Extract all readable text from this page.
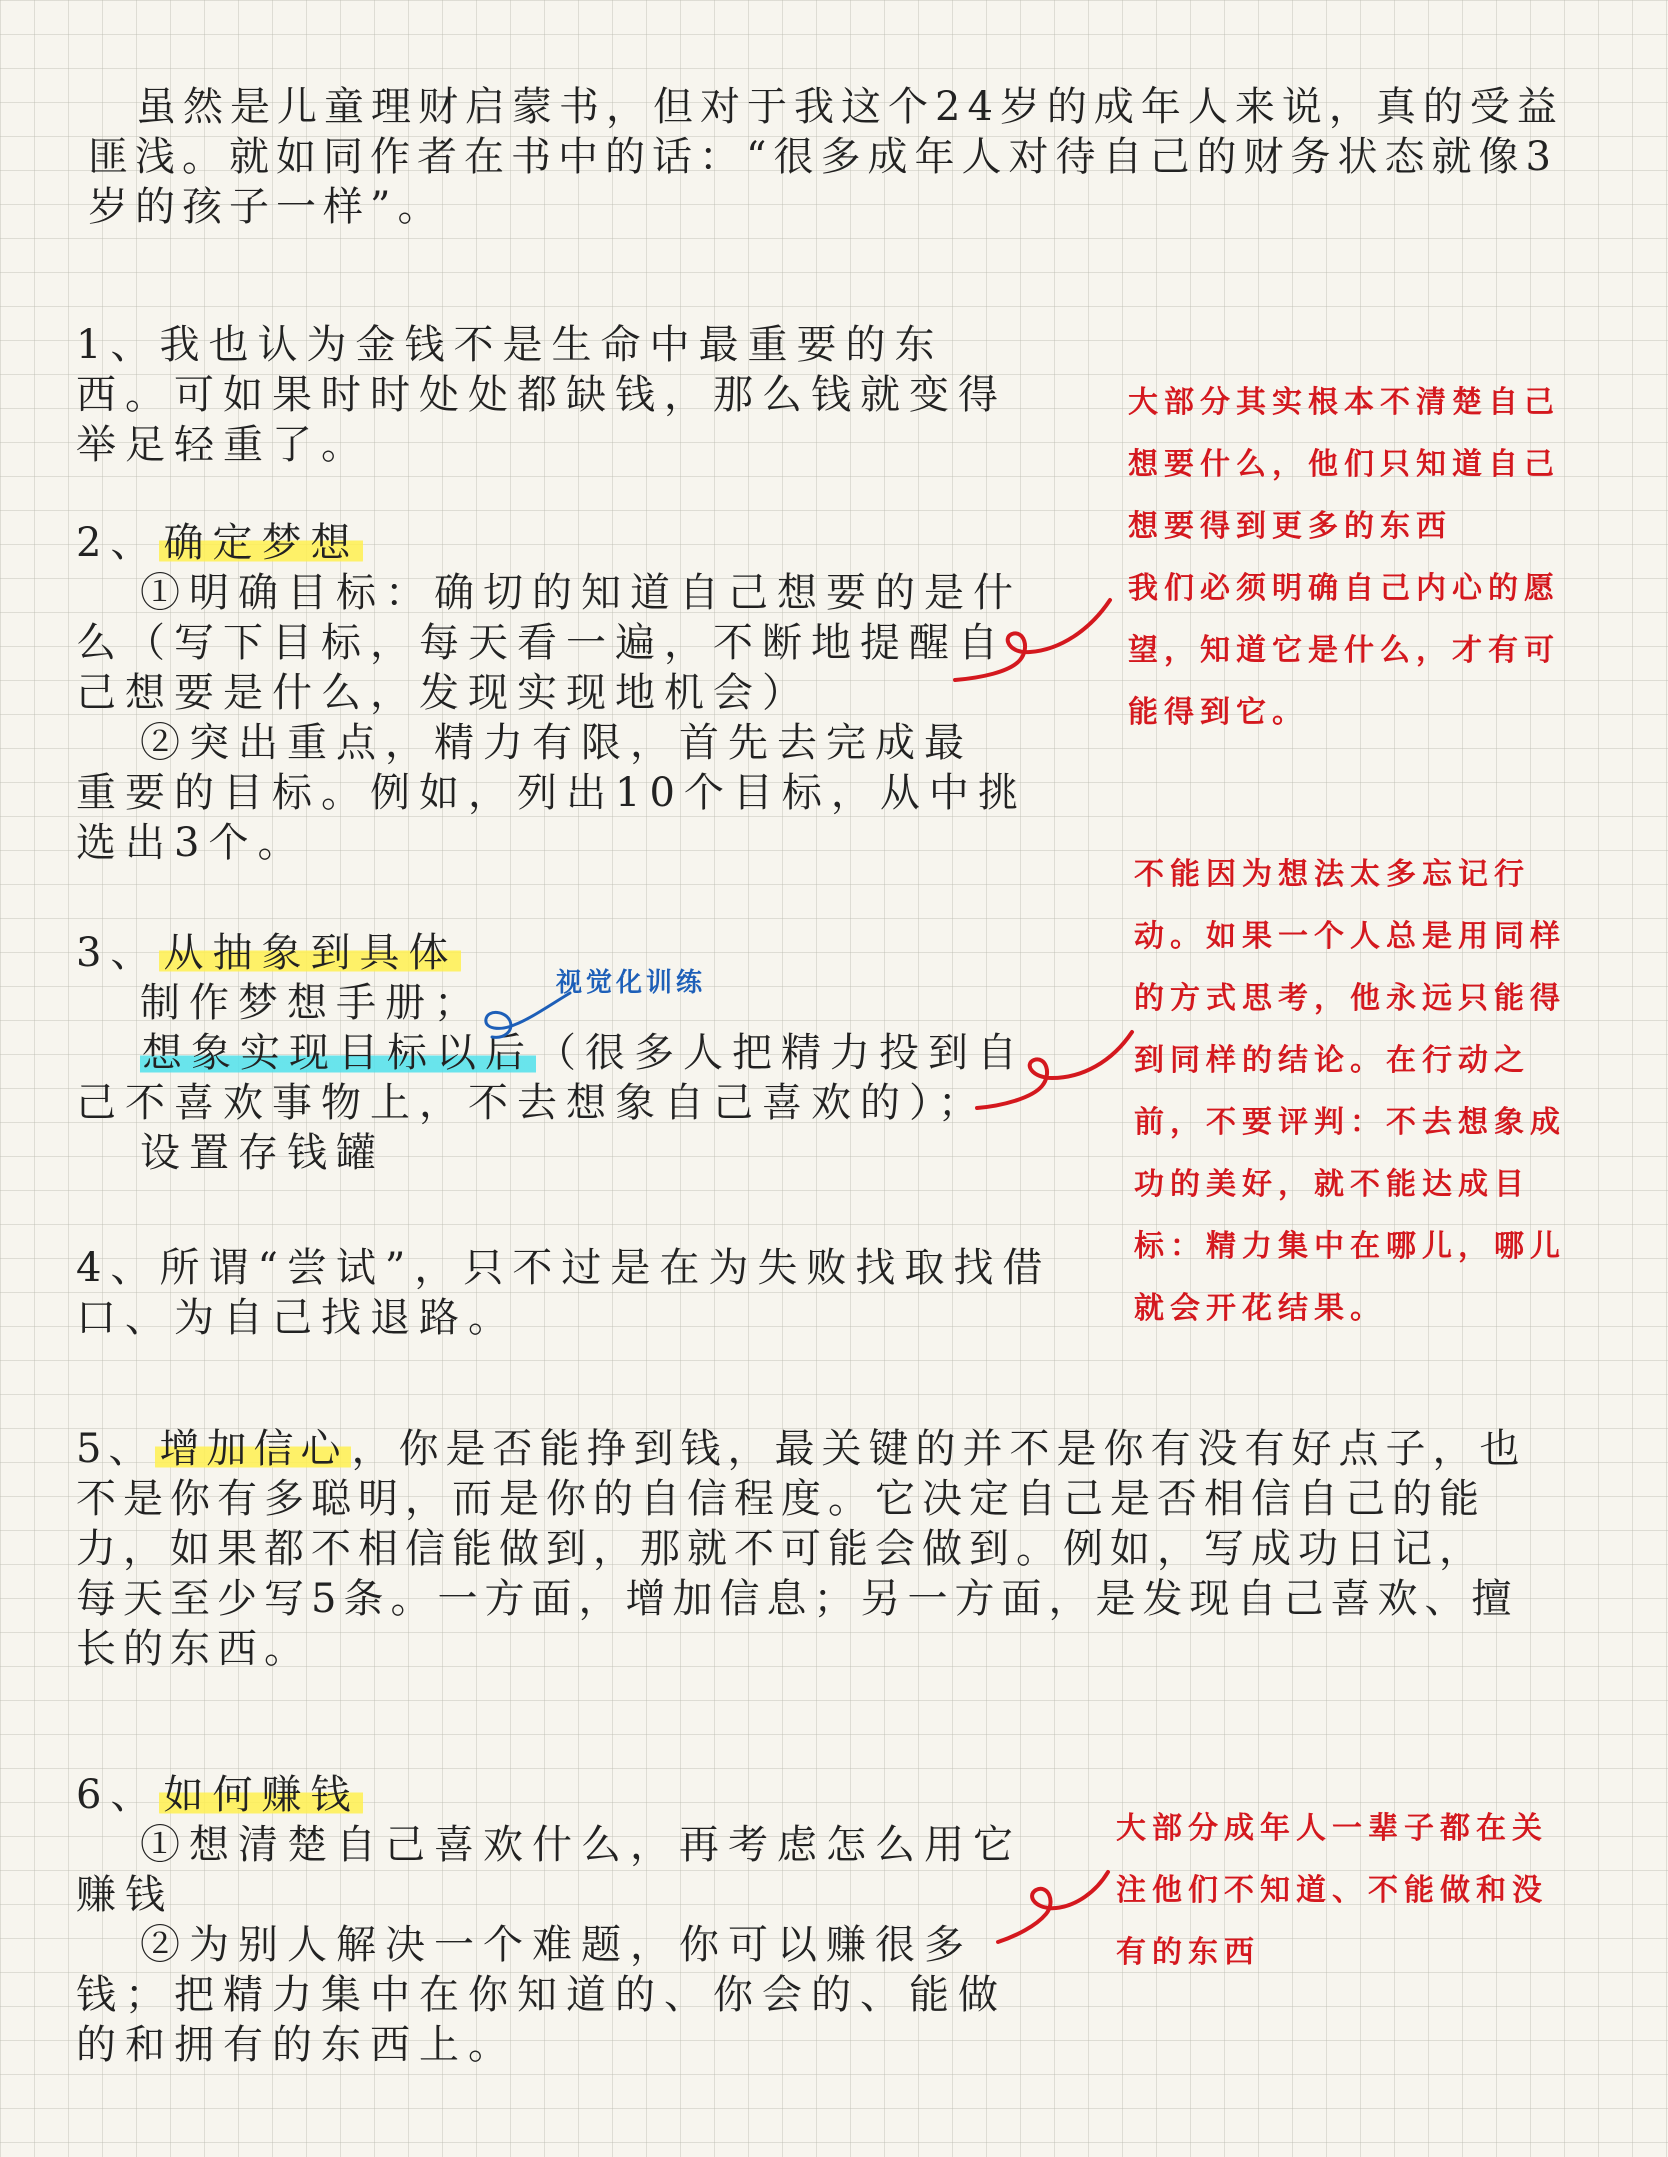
虽然是儿童理财启蒙书，但对于我这个24岁的成年人来说，真的受益
匪浅。就如同作者在书中的话：“很多成年人对待自己的财务状态就像3
岁的孩子一样”。
1、我也认为金钱不是生命中最重要的东
西。可如果时时处处都缺钱，那么钱就变得
举足轻重了。
2、 确定梦想
①明确目标：确切的知道自己想要的是什
么（写下目标，每天看一遍，不断地提醒自
己想要是什么，发现实现地机会）
②突出重点，精力有限，首先去完成最
重要的目标。例如，列出10个目标，从中挑
选出3个。
3、 从抽象到具体
制作梦想手册；
想象实现目标以后（很多人把精力投到自
己不喜欢事物上，不去想象自己喜欢的）；
设置存钱罐
视觉化训练
4、所谓“尝试”，只不过是在为失败找取找借
口、为自己找退路。
5、 增加信心 ，你是否能挣到钱，最关键的并不是你有没有好点子，也
不是你有多聪明，而是你的自信程度。它决定自己是否相信自己的能
力，如果都不相信能做到，那就不可能会做到。例如，写成功日记，
每天至少写5条。一方面，增加信息；另一方面，是发现自己喜欢、擅
长的东西。
6、 如何赚钱
①想清楚自己喜欢什么，再考虑怎么用它
赚钱
②为别人解决一个难题，你可以赚很多
钱；把精力集中在你知道的、你会的、能做
的和拥有的东西上。
大部分其实根本不清楚自己
想要什么，他们只知道自己
想要得到更多的东西
我们必须明确自己内心的愿
望，知道它是什么，才有可
能得到它。
不能因为想法太多忘记行
动。如果一个人总是用同样
的方式思考，他永远只能得
到同样的结论。在行动之
前，不要评判：不去想象成
功的美好，就不能达成目
标：精力集中在哪儿，哪儿
就会开花结果。
大部分成年人一辈子都在关
注他们不知道、不能做和没
有的东西
